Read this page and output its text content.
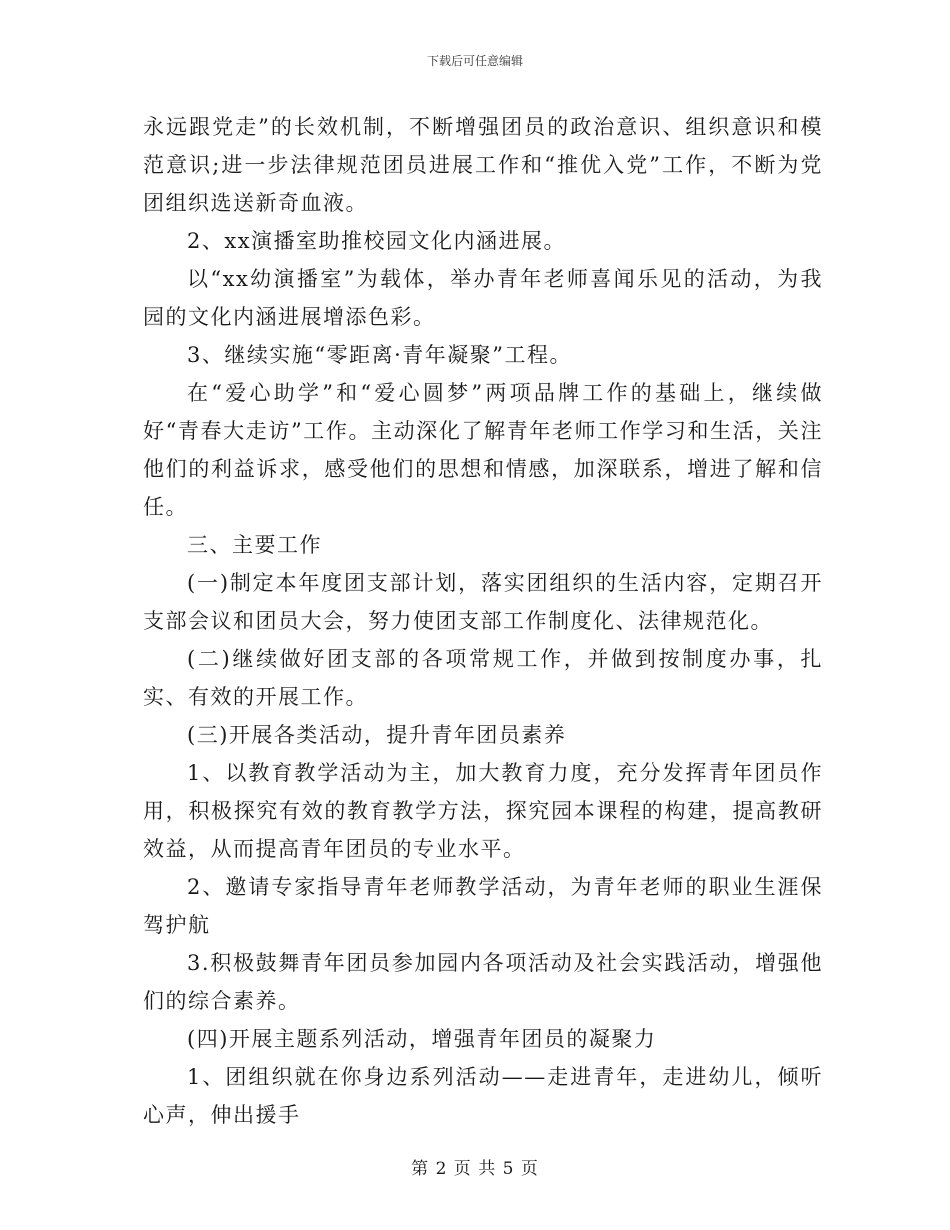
下载后可任意编辑

永远跟党走”的长效机制，不断增强团员的政治意识、组织意识和模范意识;进一步法律规范团员进展工作和“推优入党”工作，不断为党团组织选送新奇血液。

2、xx演播室助推校园文化内涵进展。

以“xx幼演播室”为载体，举办青年老师喜闻乐见的活动，为我园的文化内涵进展增添色彩。

3、继续实施“零距离·青年凝聚”工程。

在“爱心助学”和“爱心圆梦”两项品牌工作的基础上，继续做好“青春大走访”工作。主动深化了解青年老师工作学习和生活，关注他们的利益诉求，感受他们的思想和情感，加深联系，增进了解和信任。

三、主要工作

(一)制定本年度团支部计划，落实团组织的生活内容，定期召开支部会议和团员大会，努力使团支部工作制度化、法律规范化。

(二)继续做好团支部的各项常规工作，并做到按制度办事，扎实、有效的开展工作。

(三)开展各类活动，提升青年团员素养

1、以教育教学活动为主，加大教育力度，充分发挥青年团员作用，积极探究有效的教育教学方法，探究园本课程的构建，提高教研效益，从而提高青年团员的专业水平。

2、邀请专家指导青年老师教学活动，为青年老师的职业生涯保驾护航

3.积极鼓舞青年团员参加园内各项活动及社会实践活动，增强他们的综合素养。

(四)开展主题系列活动，增强青年团员的凝聚力

1、团组织就在你身边系列活动——走进青年，走进幼儿，倾听心声，伸出援手

第 2 页 共 5 页
